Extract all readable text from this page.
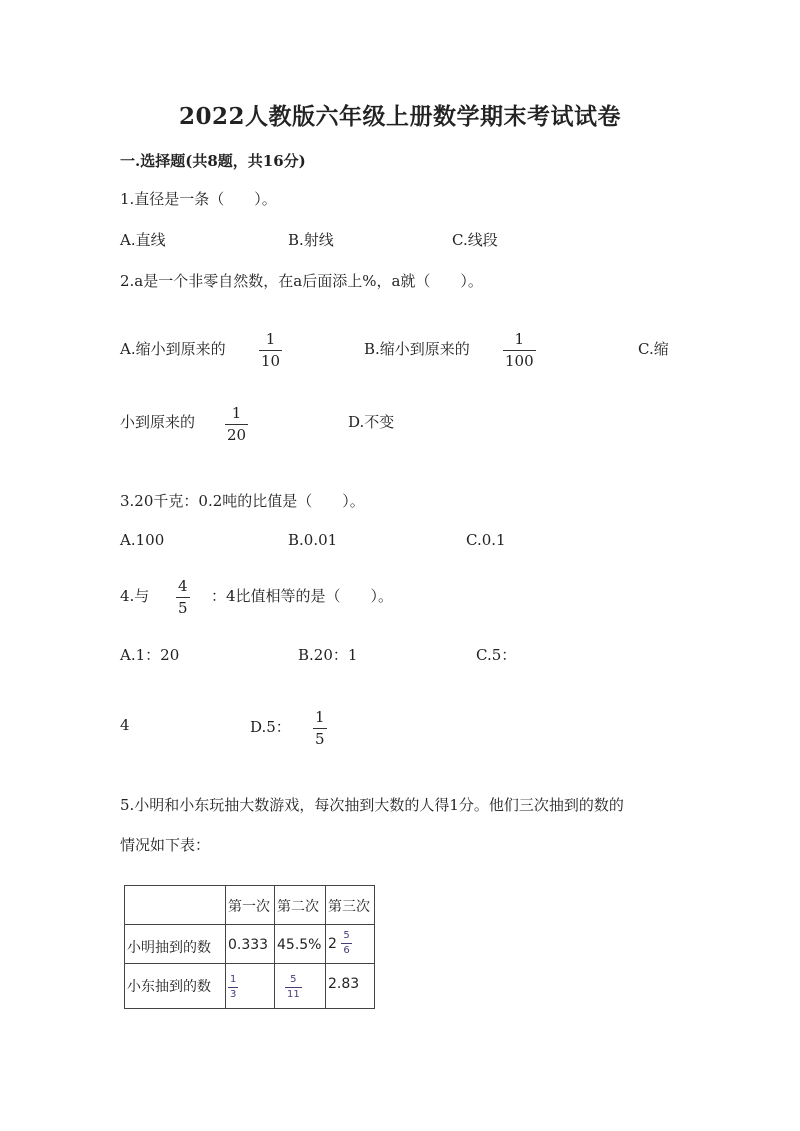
2022人教版六年级上册数学期末考试试卷
一.选择题(共8题，共16分)
1.直径是一条（　　）。
A.直线	B.射线	C.线段
2.a是一个非零自然数，在a后面添上%，a就（　　）。
A.缩小到原来的 $\frac{1}{10}$	B.缩小到原来的 $\frac{1}{100}$	C.缩
小到原来的 $\frac{1}{20}$	D.不变
3.20千克：0.2吨的比值是（　　）。
A.100	B.0.01	C.0.1
4.与 $\frac{4}{5}$ ：4比值相等的是（　　）。
A.1：20	B.20：1	C.5：
4	D.5： $\frac{1}{5}$
5.小明和小东玩抽大数游戏，每次抽到大数的人得1分。他们三次抽到的数的
情况如下表：

	第一次	第二次	第三次

小明抽到的数	0.333	45.5%	$2 \frac{5}{6}$

小东抽到的数	$\frac{1}{3}$	$\frac{5}{11}$	2.83
